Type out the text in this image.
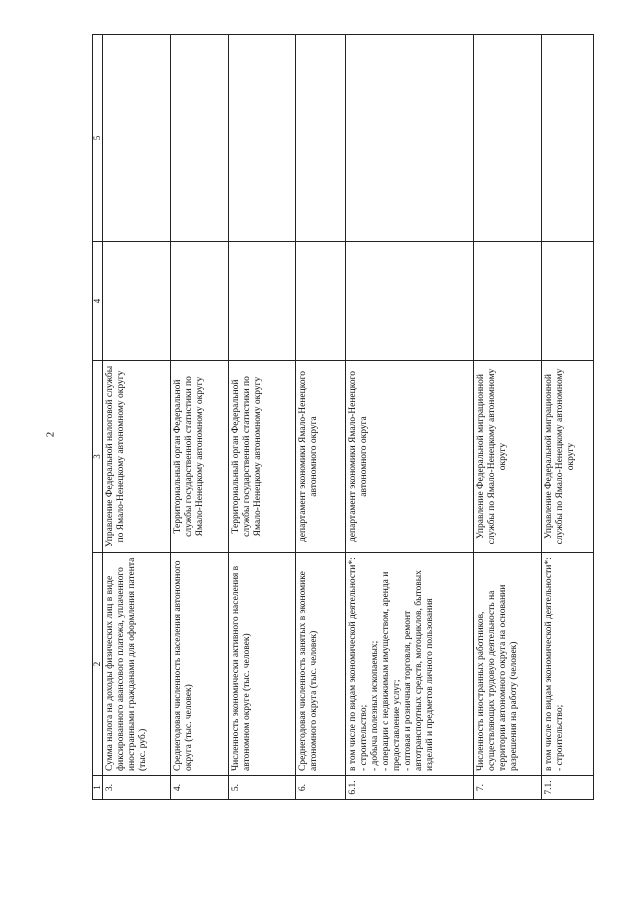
2
1	2	3	4	5
3.	Сумма налога на доходы физических лиц в виде фиксированного авансового платежа, уплаченного иностранными гражданами для оформления патента (тыс. руб.)	Управление Федеральной налоговой службы по Ямало-Ненецкому автономному округу		
4.	Среднегодовая численность населения автономного округа (тыс. человек)	Территориальный орган Федеральной службы государственной статистики по Ямало-Ненецкому автономному округу		
5.	Численность экономически активного населения в автономном округе (тыс. человек)	Территориальный орган Федеральной службы государственной статистики по Ямало-Ненецкому автономному округу		
6.	Среднегодовая численность занятых в экономике автономного округа (тыс. человек)	департамент экономики Ямало-Ненецкого автономного округа		
6.1.	в том числе по видам экономической деятельности*: - строительство; - добыча полезных ископаемых; - операции с недвижимым имуществом, аренда и предоставление услуг; - оптовая и розничная торговля, ремонт автотранспортных средств, мотоциклов, бытовых изделий и предметов личного пользования	департамент экономики Ямало-Ненецкого автономного округа		
7.	Численность иностранных работников, осуществляющих трудовую деятельность на территории автономного округа на основании разрешения на работу (человек)	Управление Федеральной миграционной службы по Ямало-Ненецкому автономному округу		
7.1.	в том числе по видам экономической деятельности*: - строительство;	Управление Федеральной миграционной службы по Ямало-Ненецкому автономному округу		
